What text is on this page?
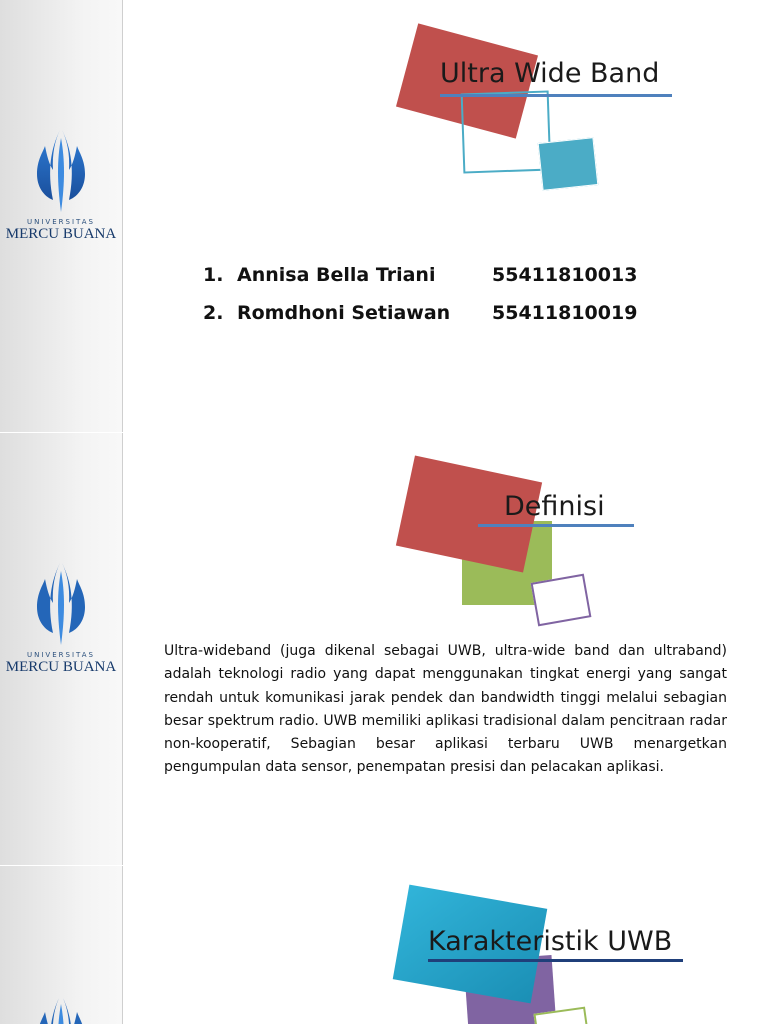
UNIVERSITAS
MERCU BUANA
Ultra Wide Band
1. Annisa Bella Triani	55411810013
2. Romdhoni Setiawan 55411810019
UNIVERSITAS
MERCU BUANA
Definisi
Ultra-wideband (juga dikenal sebagai UWB, ultra-wide band dan ultraband) adalah teknologi radio yang dapat menggunakan tingkat energi yang sangat rendah untuk komunikasi jarak pendek dan bandwidth tinggi melalui sebagian besar spektrum radio. UWB memiliki aplikasi tradisional dalam pencitraan radar non-kooperatif, Sebagian besar aplikasi terbaru UWB menargetkan pengumpulan data sensor, penempatan presisi dan pelacakan aplikasi.
Karakteristik UWB
